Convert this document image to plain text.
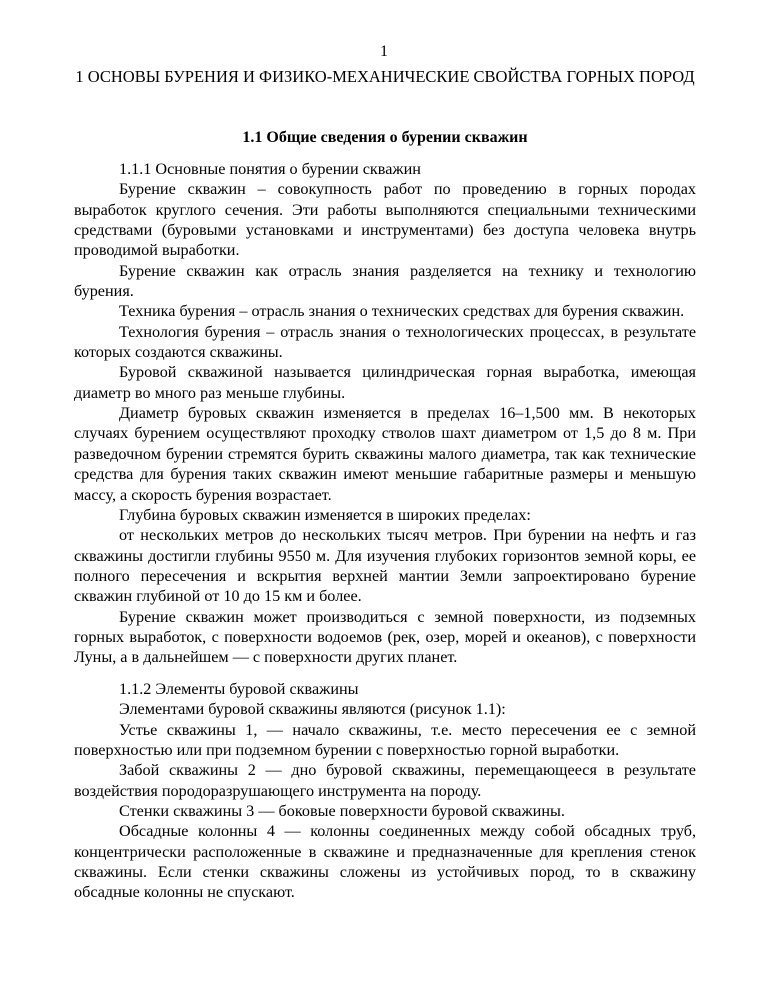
1
1 ОСНОВЫ БУРЕНИЯ И ФИЗИКО-МЕХАНИЧЕСКИЕ СВОЙСТВА ГОРНЫХ ПОРОД
1.1 Общие сведения о бурении скважин

1.1.1 Основные понятия о бурении скважин

Бурение скважин – совокупность работ по проведению в горных породах выработок круглого сечения. Эти работы выполняются специальными техническими средствами (буровыми установками и инструментами) без доступа человека внутрь проводимой выработки.

Бурение скважин как отрасль знания разделяется на технику и технологию бурения.

Техника бурения – отрасль знания о технических средствах для бурения скважин.

Технология бурения – отрасль знания о технологических процессах, в результате которых создаются скважины.

Буровой скважиной называется цилиндрическая горная выработка, имеющая диаметр во много раз меньше глубины.

Диаметр буровых скважин изменяется в пределах 16–1,500 мм. В некоторых случаях бурением осуществляют проходку стволов шахт диаметром от 1,5 до 8 м. При разведочном бурении стремятся бурить скважины малого диаметра, так как технические средства для бурения таких скважин имеют меньшие габаритные размеры и меньшую массу, а скорость бурения возрастает.

Глубина буровых скважин изменяется в широких пределах:

от нескольких метров до нескольких тысяч метров. При бурении на нефть и газ скважины достигли глубины 9550 м. Для изучения глубоких горизонтов земной коры, ее полного пересечения и вскрытия верхней мантии Земли запроектировано бурение скважин глубиной от 10 до 15 км и более.

Бурение скважин может производиться с земной поверхности, из подземных горных выработок, с поверхности водоемов (рек, озер, морей и океанов), с поверхности Луны, а в дальнейшем — с поверхности других планет.

1.1.2 Элементы буровой скважины

Элементами буровой скважины являются (рисунок 1.1):

Устье скважины 1, — начало скважины, т.е. место пересечения ее с земной поверхностью или при подземном бурении с поверхностью горной выработки.

Забой скважины 2 — дно буровой скважины, перемещающееся в результате воздействия породоразрушающего инструмента на породу.

Стенки скважины 3 — боковые поверхности буровой скважины.

Обсадные колонны 4 — колонны соединенных между собой обсадных труб, концентрически расположенные в скважине и предназначенные для крепления стенок скважины. Если стенки скважины сложены из устойчивых пород, то в скважину обсадные колонны не спускают.
